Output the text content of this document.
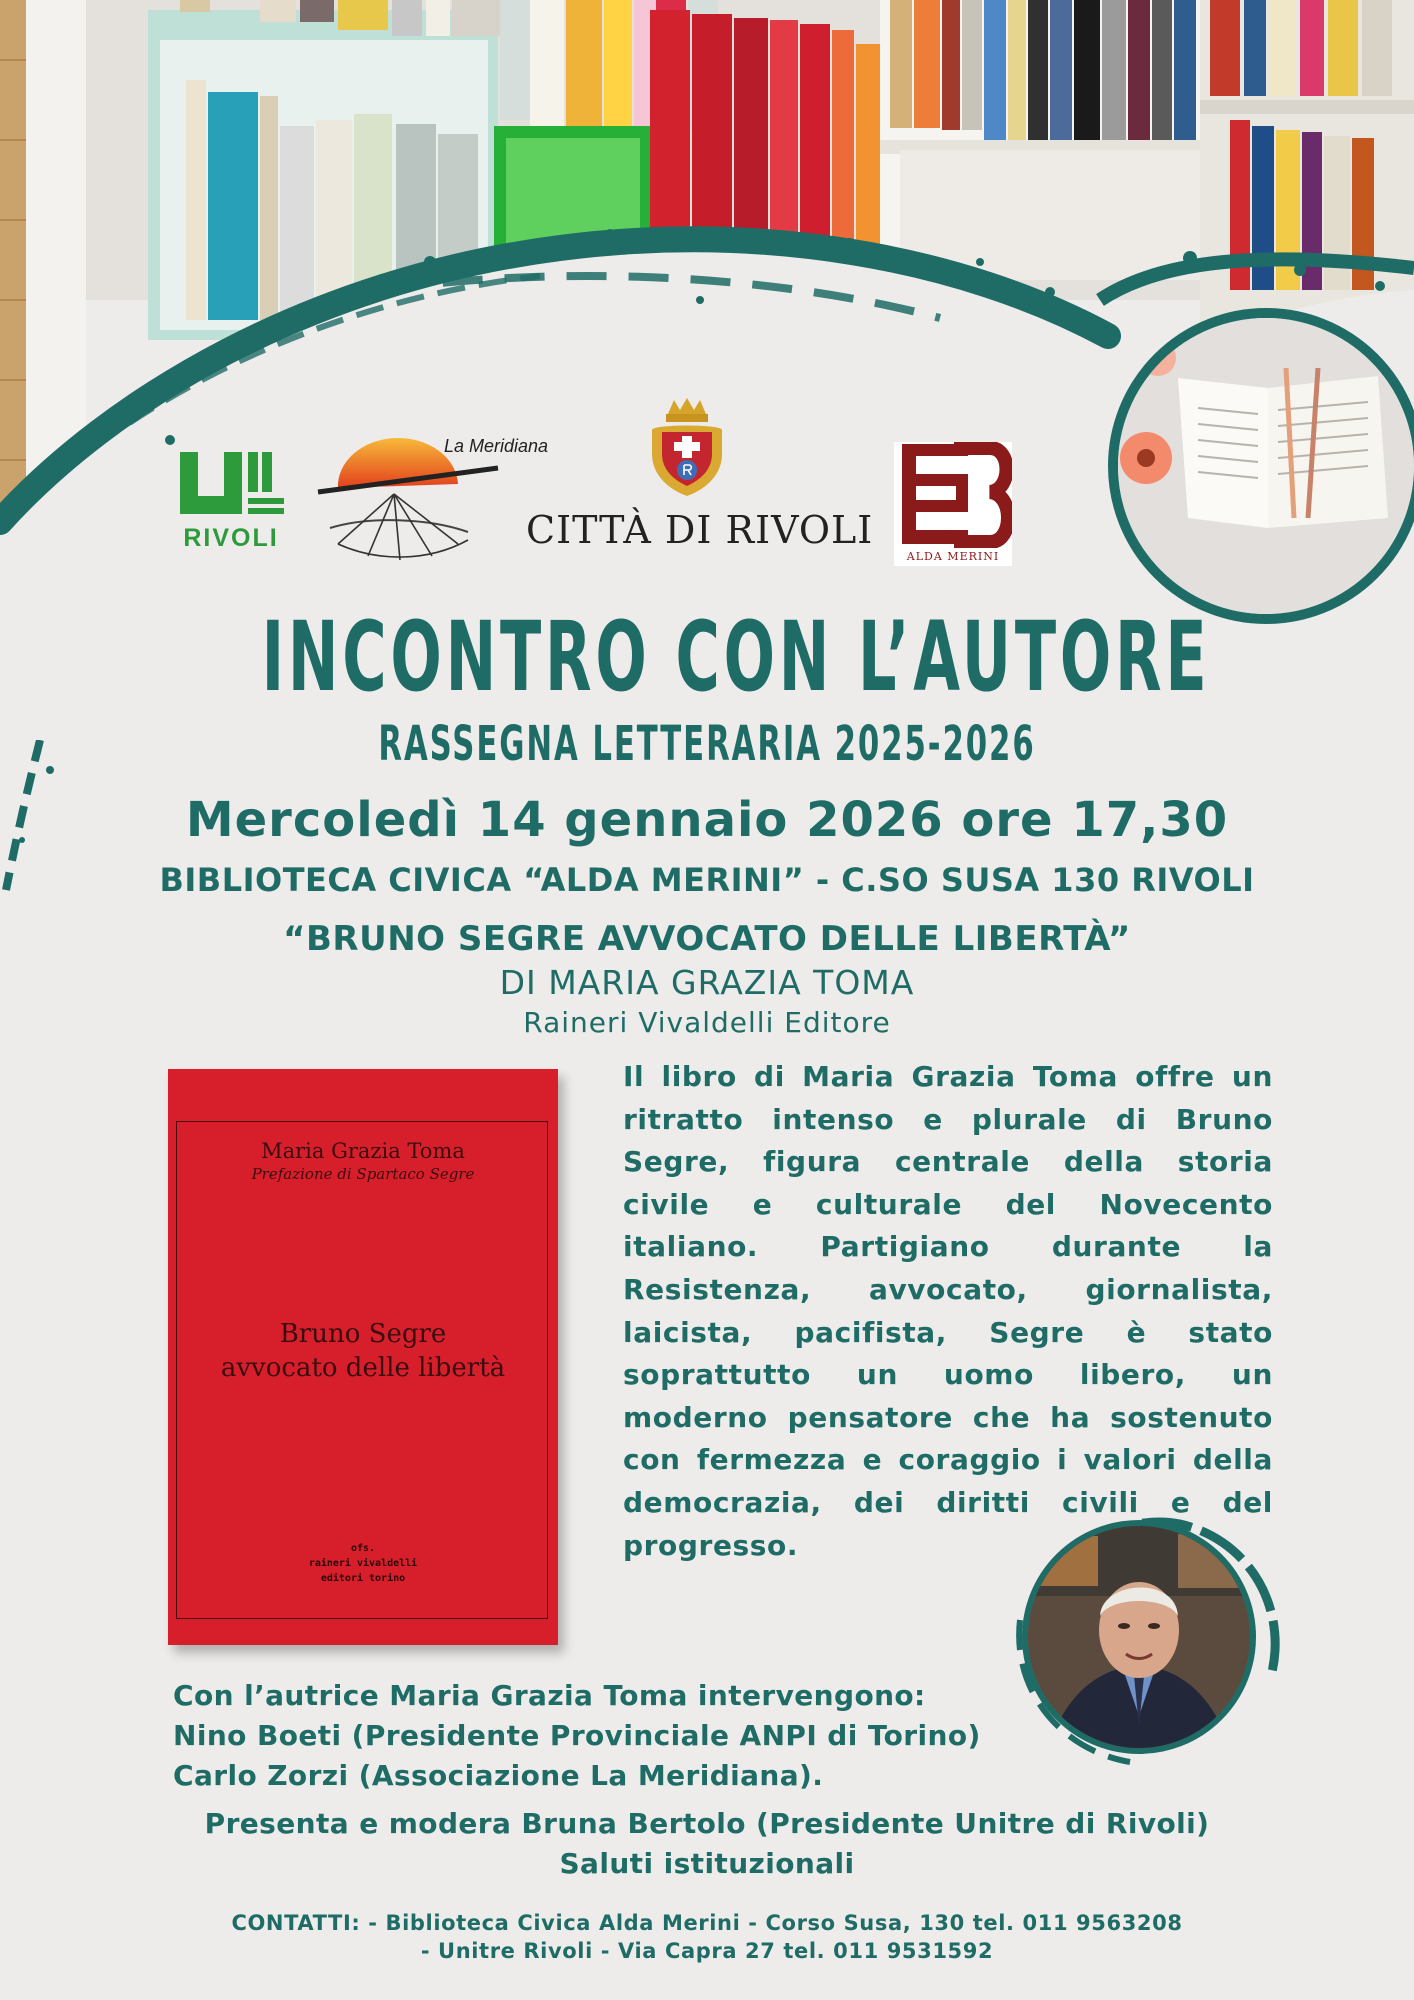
RIVOLI
La Meridiana
CITTÀ DI RIVOLI	Città di Rivoli
ALDA MERINI
INCONTRO CON L’AUTORE
RASSEGNA LETTERARIA 2025-2026
Mercoledì 14 gennaio 2026 ore 17,30
BIBLIOTECA CIVICA “ALDA MERINI” - C.SO SUSA 130 RIVOLI
“BRUNO SEGRE AVVOCATO DELLE LIBERTÀ”
DI MARIA GRAZIA TOMA
Raineri Vivaldelli Editore
Maria Grazia Toma
Prefazione di Spartaco Segre
Bruno Segre
avvocato delle libertà
ofs.
raineri vivaldelli
editori torino
Il libro di Maria Grazia Toma offre un ritratto intenso e plurale di Bruno Segre, figura centrale della storia civile e culturale del Novecento italiano. Partigiano durante la Resistenza, avvocato, giornalista, laicista, pacifista, Segre è stato soprattutto un uomo libero, un moderno pensatore che ha sostenuto con fermezza e coraggio i valori della democrazia, dei diritti civili e del progresso.
Con l’autrice Maria Grazia Toma intervengono:
Nino Boeti (Presidente Provinciale ANPI di Torino)
Carlo Zorzi (Associazione La Meridiana).
Presenta e modera Bruna Bertolo (Presidente Unitre di Rivoli)
Saluti istituzionali
CONTATTI: - Biblioteca Civica Alda Merini - Corso Susa, 130 tel. 011 9563208
- Unitre Rivoli - Via Capra 27 tel. 011 9531592
